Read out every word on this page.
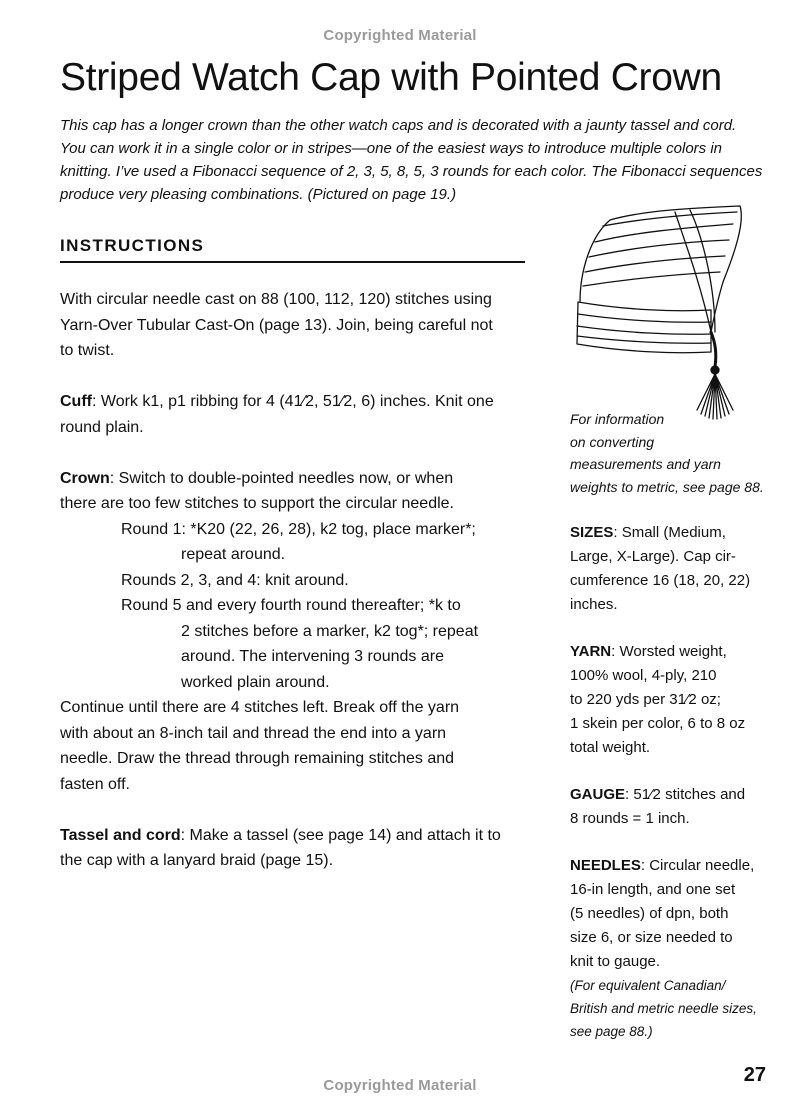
Copyrighted Material
Striped Watch Cap with Pointed Crown
This cap has a longer crown than the other watch caps and is decorated with a jaunty tassel and cord.
You can work it in a single color or in stripes—one of the easiest ways to introduce multiple colors in
knitting. I’ve used a Fibonacci sequence of 2, 3, 5, 8, 5, 3 rounds for each color. The Fibonacci sequences
produce very pleasing combinations. (Pictured on page 19.)
INSTRUCTIONS
With circular needle cast on 88 (100, 112, 120) stitches using
Yarn-Over Tubular Cast-On (page 13). Join, being careful not
to twist.
Cuff: Work k1, p1 ribbing for 4 (41⁄2, 51⁄2, 6) inches. Knit one
round plain.
Crown: Switch to double-pointed needles now, or when
there are too few stitches to support the circular needle.
Round 1: *K20 (22, 26, 28), k2 tog, place marker*;
repeat around.
Rounds 2, 3, and 4: knit around.
Round 5 and every fourth round thereafter; *k to
2 stitches before a marker, k2 tog*; repeat
around. The intervening 3 rounds are
worked plain around.
Continue until there are 4 stitches left. Break off the yarn
with about an 8-inch tail and thread the end into a yarn
needle. Draw the thread through remaining stitches and
fasten off.
Tassel and cord: Make a tassel (see page 14) and attach it to
the cap with a lanyard braid (page 15).
For information
on converting
measurements and yarn
weights to metric, see page 88.
SIZES: Small (Medium,
Large, X-Large). Cap cir-
cumference 16 (18, 20, 22)
inches.
YARN: Worsted weight,
100% wool, 4-ply, 210
to 220 yds per 31⁄2 oz;
1 skein per color, 6 to 8 oz
total weight.
GAUGE: 51⁄2 stitches and
8 rounds = 1 inch.
NEEDLES: Circular needle,
16-in length, and one set
(5 needles) of dpn, both
size 6, or size needed to
knit to gauge.
(For equivalent Canadian/
British and metric needle sizes,
see page 88.)
27
Copyrighted Material
